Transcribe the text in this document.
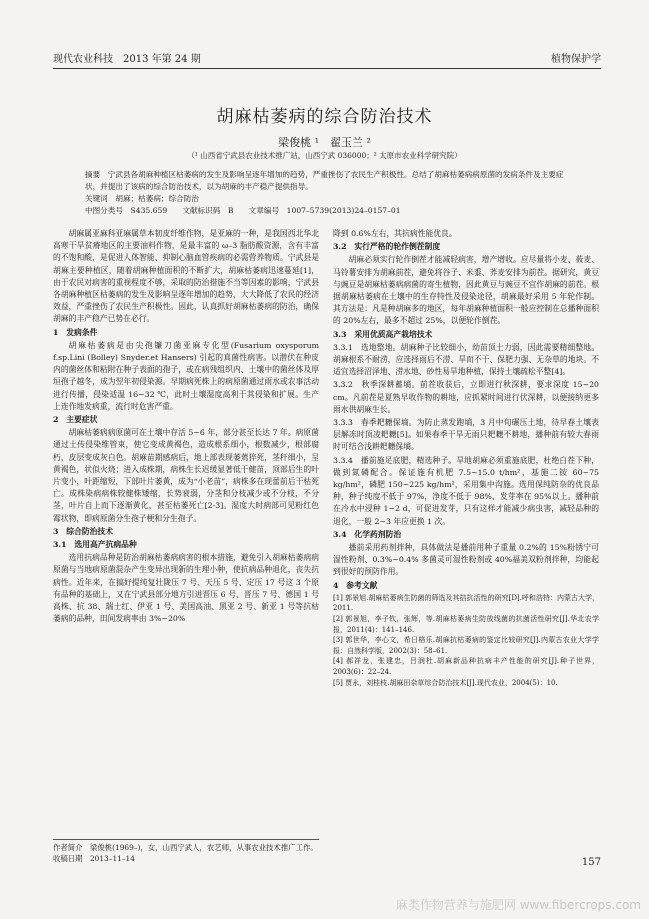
现代农业科技　2013 年第 24 期	植物保护学
胡麻枯萎病的综合防治技术
梁俊桃 ¹　翟玉兰 ²
（¹ 山西省宁武县农业技术推广站，山西宁武 036000；² 太原市农业科学研究院）

摘要　宁武县各胡麻种植区枯萎病的发生及影响呈逐年增加的趋势，严重挫伤了农民生产积极性。总结了胡麻枯萎病病原菌的发病条件及主要症状，并提出了该病的综合防治技术，以为胡麻的丰产稳产提供指导。

关键词　胡麻；枯萎病；综合防治

中图分类号　S435.659　　文献标识码　B　　文章编号　1007–5739(2013)24–0157–01

胡麻属亚麻科亚麻属草本韧皮纤维作物，是亚麻的一种，是我国西北华北高寒干旱贫瘠地区的主要油料作物，是最丰富的 ω–3 脂肪酸资源，含有丰富的不饱和酸，是促进人体智能、抑制心脑血管疾病的必需营养物质。宁武县是胡麻主要种植区，随着胡麻种植面积的不断扩大，胡麻枯萎病迅速蔓延[1]，由于农民对病害的重视程度不够，采取的防治措施不当等因素的影响，宁武县各胡麻种植区枯萎病的发生及影响呈逐年增加的趋势，大大降低了农民的经济效益，严重挫伤了农民生产积极性。因此，认真抓好胡麻枯萎病的防治，确保胡麻的丰产稳产已势在必行。

1　发病条件

胡麻枯萎病是由尖孢镰刀菌亚麻专化型(Fusarium oxysporum f.sp.Lini (Bolley) Snyder.et Hansers) 引起的真菌性病害。以潜伏在种皮内的菌丝体和粘附在种子表面的孢子，或在病残组织内、土壤中的菌丝体及厚垣孢子越冬，成为翌年初侵染源。早期病死株上的病原菌通过雨水或农事活动进行传播，侵染适温 16~32 ℃，此时土壤湿度高利于其侵染和扩展。生产上连作地发病重，流行时危害严重。

2　主要症状

胡麻枯萎病病原菌可在土壤中存活 5~6 年，部分甚至长达 7 年。病原菌通过土传侵染维管束，使它变成黄褐色，造成根系细小，根数减少，根部腐朽，皮层变成灰白色。胡麻苗期感病后，地上部表现萎蔫猝死，茎秆细小，呈黄褐色，状似火烧；进入成株期，病株生长迟缓显著低于健苗，顶部后生的叶片变小，叶距缩短，下部叶片萎黄，成为“小老苗”，病株多在现蕾前后干枯死亡。成株染病病株较健株矮缩，长势衰弱，分茎和分枝减少或不分枝，不分茎，叶片自上而下逐渐黄化，甚至枯萎死亡[2-3]。湿度大时病部可见粉红色霉状物，即病原菌分生孢子梗和分生孢子。

3　综合防治技术

3.1　选用高产抗病品种

选用抗病品种是防治胡麻枯萎病病害的根本措施，避免引入胡麻枯萎病病原菌与当地病原菌混杂产生变异出现新的生理小种，使抗病品种退化，丧失抗病性。近年来，在搞好提纯复壮陇压 7 号、天压 5 号、定压 17 号这 3 个原有品种的基础上，又在宁武县部分地方引进晋压 6 号、晋压 7 号、德国 1 号高株、抗 38、瑞士红、伊亚 1 号、美国高油、黑亚 2 号、新亚 1 号等抗枯萎病的品种，田间发病率由 3%~20%

降到 0.6%左右，其抗病性能优良。

3.2　实行严格的轮作倒茬制度

胡麻必须实行轮作倒茬才能减轻病害，增产增收。应尽量将小麦、莜麦、马铃薯安排为胡麻前茬，避免将谷子、米黍、荞麦安排为前茬。据研究，黄豆与豌豆是胡麻枯萎病病菌的寄生植物，因此黄豆与豌豆不宜作胡麻的前茬。根据胡麻枯萎病在土壤中的生存特性及侵染途径，胡麻最好采用 5 年轮作制。其方法是：凡是种胡麻多的地区，每年胡麻种植面积一般应控制在总播种面积的 20%左右，最多不超过 25%，以便轮作倒茬。

3.3　采用优质高产栽培技术

3.3.1　选地整地。胡麻种子比较细小，幼苗顶土力弱，因此需要精细整地。胡麻根系不耐涝，应选择雨后不涝、旱而不干、保肥力强、无杂草的地块。不适宜选择沼泽地、涝水地、砂性易旱地种植，保持土壤疏松平整[4]。

3.3.2　秋季深耕蓄墒。前茬收获后，立即进行秋深耕，要求深度 15~20 cm。凡前茬是夏熟早收作物的耕地，应抓紧时间进行伏深耕，以便接纳更多雨水供胡麻生长。

3.3.3　春季耙耱保墒。为防止蒸发跑墒，3 月中旬碾压土地，待早春土壤表层解冻时顶凌耙耱[5]。如果春季干旱无雨只耙耱不耕地，播种前有较大春雨时可结合浅耕耙耱保墒。

3.3.4　播前施足底肥，精选种子。旱地胡麻必须重施底肥，杜绝白茬下种，做到氮磷配合。保证施有机肥 7.5~15.0 t/hm²，基施二铵 60~75 kg/hm²，磷肥 150~225 kg/hm²，采用集中沟施。选用保纯防杂的优良品种，种子纯度不低于 97%，净度不低于 98%，发芽率在 95%以上。播种前在冷水中浸种 1~2 d，可促进发芽，只有这样才能减少病虫害，减轻品种的退化，一般 2~3 年应更换 1 次。

3.4　化学药剂防治

播前采用药剂拌种，具体做法是播前用种子重量 0.2%的 15%粉锈宁可湿性粉剂、0.3%~0.4% 多菌灵可湿性粉剂或 40%福美双粉剂拌种，均能起到很好的预防作用。

4　参考文献

[1] 郭景旭.胡麻枯萎病生防菌的筛选及其拮抗活性的研究[D].呼和浩特：内蒙古大学，2011.
[2] 郭景旭，李子钦，张辉，等.胡麻枯萎病生防放线菌的抗菌活性研究[J].华北农学报，2011(4)：141–146.
[3] 郭世华，李心文，希日格乐.胡麻抗枯萎病的鉴定比较研究[J].内蒙古农业大学学报：自然科学版，2002(3)：58–61.
[4] 郝祥龙，张建忠，吕润杜.胡麻新品种抗病丰产性能的研究[J].种子世界，2003(6)：22–24.
[5] 贾永，刘桂枝.胡麻田杂草综合防治技术[J].现代农业，2004(5)：10.
作者简介　梁俊桃(1969–)，女，山西宁武人，农艺师，从事农业技术推广工作。
收稿日期　2013–11–14	157
麻类作物营养与施肥网 www.fibercrops.com
